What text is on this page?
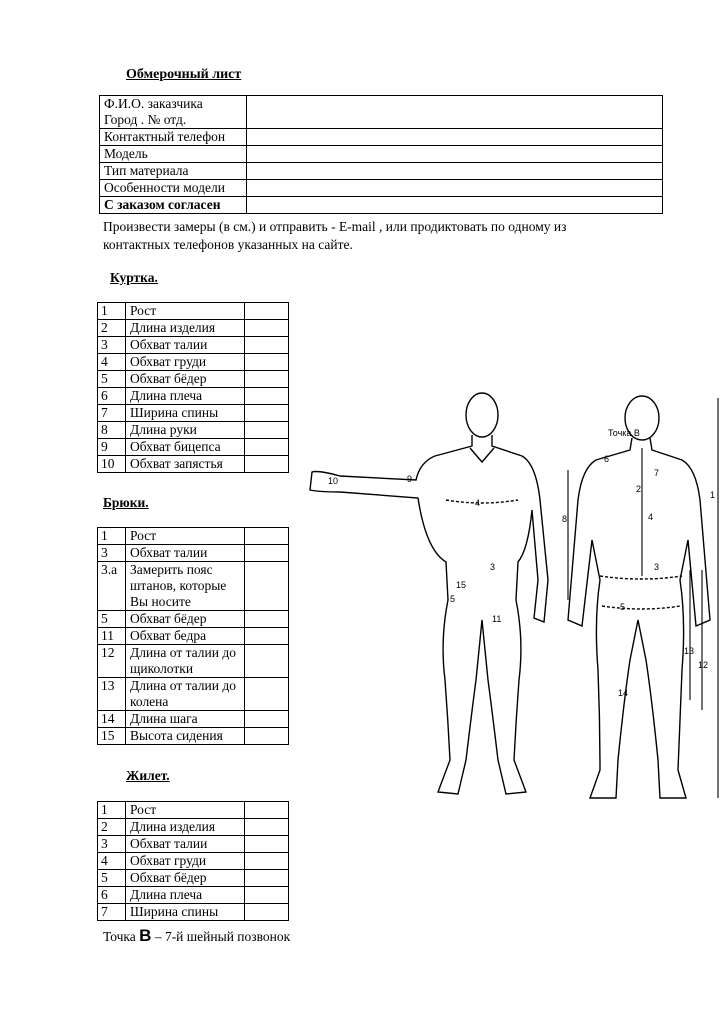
Обмерочный лист
Ф.И.О. заказчика
Город . № отд.	

Контактный телефон	
Модель	
Тип материала	
Особенности модели	
С заказом согласен	
Произвести замеры (в см.) и отправить - E-mail , или продиктовать по одному из
контактных телефонов указанных на сайте.
Куртка.
1	Рост	
2	Длина изделия	
3	Обхват талии	
4	Обхват груди	
5	Обхват бёдер	
6	Длина плеча	
7	Ширина спины	
8	Длина руки	
9	Обхват бицепса	
10	Обхват запястья	
Брюки.
1	Рост	
3	Обхват талии	
3.а	Замерить пояс штанов, которые Вы носите	
5	Обхват бёдер	
11	Обхват бедра	
12	Длина от талии до щиколотки	
13	Длина от талии до колена	
14	Длина шага	
15	Высота сидения	
Жилет.
1	Рост	
2	Длина изделия	
3	Обхват талии	
4	Обхват груди	
5	Обхват бёдер	
6	Длина плеча	
7	Ширина спины	
Точка В – 7-й шейный позвонок
10	9
4
3
15
5
11
Точка В
6
7
2
4
8
3
5
13
12
14
1
